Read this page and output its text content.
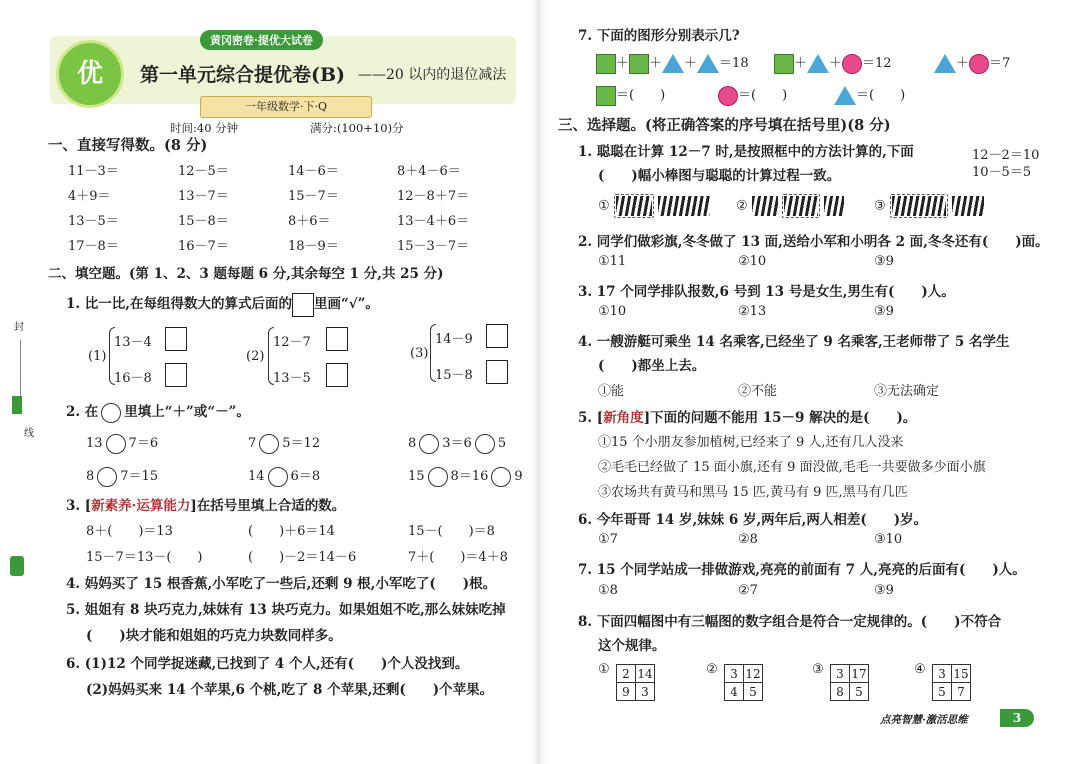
封
线
黄冈密卷·提优大试卷
优	第一单元综合提优卷(B) ——20 以内的退位减法
一年级数学·下·Q
时间:40 分钟	满分:(100+10)分
一、直接写得数。(8 分)
11－3＝	12－5＝	14－6＝	8＋4－6＝
4＋9＝	13－7＝	15－7＝	12－8＋7＝
13－5＝	15－8＝	8＋6＝	13－4＋6＝
17－8＝	16－7＝	18－9＝	15－3－7＝
二、填空题。(第 1、2、3 题每题 6 分,其余每空 1 分,共 25 分)
1. 比一比,在每组得数大的算式后面的 里画“√”。
(1)
13－4
16－8
(2)
12－7
13－5
(3)
14－9
15－8
2. 在 里填上“＋”或“－”。
13 7＝6	7 5＝12	8 3＝6 5
8 7＝15	14 6＝8	15 8＝16 9
3. [新素养·运算能力]在括号里填上合适的数。
8＋(　　)＝13	(　　)＋6＝14	15－(　　)＝8
15－7＝13－(　　)	(　　)－2＝14－6	7＋(　　)＝4＋8
4. 妈妈买了 15 根香蕉,小军吃了一些后,还剩 9 根,小军吃了(　　)根。
5. 姐姐有 8 块巧克力,妹妹有 13 块巧克力。如果姐姐不吃,那么妹妹吃掉
(　　)块才能和姐姐的巧克力块数同样多。
6. (1)12 个同学捉迷藏,已找到了 4 个人,还有(　　)个人没找到。
(2)妈妈买来 14 个苹果,6 个桃,吃了 8 个苹果,还剩(　　)个苹果。
7. 下面的图形分别表示几?
＋ ＋ ＋ ＝18	＋ ＋ ＝12	＋ ＝7
＝(　　)	＝(　　)	＝(　　)
三、选择题。(将正确答案的序号填在括号里)(8 分)
1. 聪聪在计算 12－7 时,是按照框中的方法计算的,下面
(　　)幅小棒图与聪聪的计算过程一致。
12－2＝10
10－5＝5
①	②	③
2. 同学们做彩旗,冬冬做了 13 面,送给小军和小明各 2 面,冬冬还有(　　)面。
①11	②10	③9
3. 17 个同学排队报数,6 号到 13 号是女生,男生有(　　)人。
①10	②13	③9
4. 一艘游艇可乘坐 14 名乘客,已经坐了 9 名乘客,王老师带了 5 名学生
(　　)都坐上去。
①能	②不能	③无法确定
5. [新角度]下面的问题不能用 15－9 解决的是(　　)。
①15 个小朋友参加植树,已经来了 9 人,还有几人没来
②毛毛已经做了 15 面小旗,还有 9 面没做,毛毛一共要做多少面小旗
③农场共有黄马和黑马 15 匹,黄马有 9 匹,黑马有几匹
6. 今年哥哥 14 岁,妹妹 6 岁,两年后,两人相差(　　)岁。
①7	②8	③10
7. 15 个同学站成一排做游戏,亮亮的前面有 7 人,亮亮的后面有(　　)人。
①8	②7	③9
8. 下面四幅图中有三幅图的数字组合是符合一定规律的。(　　)不符合
这个规律。
① 2	14
9	3
② 3	12
4	5
③ 3	17
8	5
④ 3	15
5	7
点亮智慧·激活思维	3
